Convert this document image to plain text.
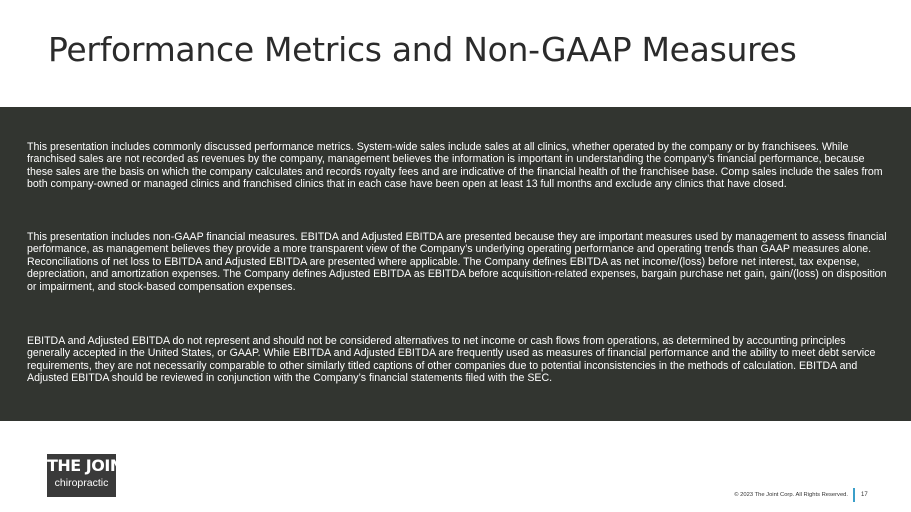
Performance Metrics and Non-GAAP Measures

This presentation includes commonly discussed performance metrics. System-wide sales include sales at all clinics, whether operated by the company or by franchisees. While franchised sales are not recorded as revenues by the company, management believes the information is important in understanding the company’s financial performance, because these sales are the basis on which the company calculates and records royalty fees and are indicative of the financial health of the franchisee base. Comp sales include the sales from both company-owned or managed clinics and franchised clinics that in each case have been open at least 13 full months and exclude any clinics that have closed.

This presentation includes non-GAAP financial measures. EBITDA and Adjusted EBITDA are presented because they are important measures used by management to assess financial performance, as management believes they provide a more transparent view of the Company’s underlying operating performance and operating trends than GAAP measures alone. Reconciliations of net loss to EBITDA and Adjusted EBITDA are presented where applicable. The Company defines EBITDA as net income/(loss) before net interest, tax expense, depreciation, and amortization expenses. The Company defines Adjusted EBITDA as EBITDA before acquisition-related expenses, bargain purchase net gain, gain/(loss) on disposition or impairment, and stock-based compensation expenses.

EBITDA and Adjusted EBITDA do not represent and should not be considered alternatives to net income or cash flows from operations, as determined by accounting principles generally accepted in the United States, or GAAP. While EBITDA and Adjusted EBITDA are frequently used as measures of financial performance and the ability to meet debt service requirements, they are not necessarily comparable to other similarly titled captions of other companies due to potential inconsistencies in the methods of calculation. EBITDA and Adjusted EBITDA should be reviewed in conjunction with the Company’s financial statements filed with the SEC.

THE JOINT
chiropractic
© 2023 The Joint Corp. All Rights Reserved. 17
